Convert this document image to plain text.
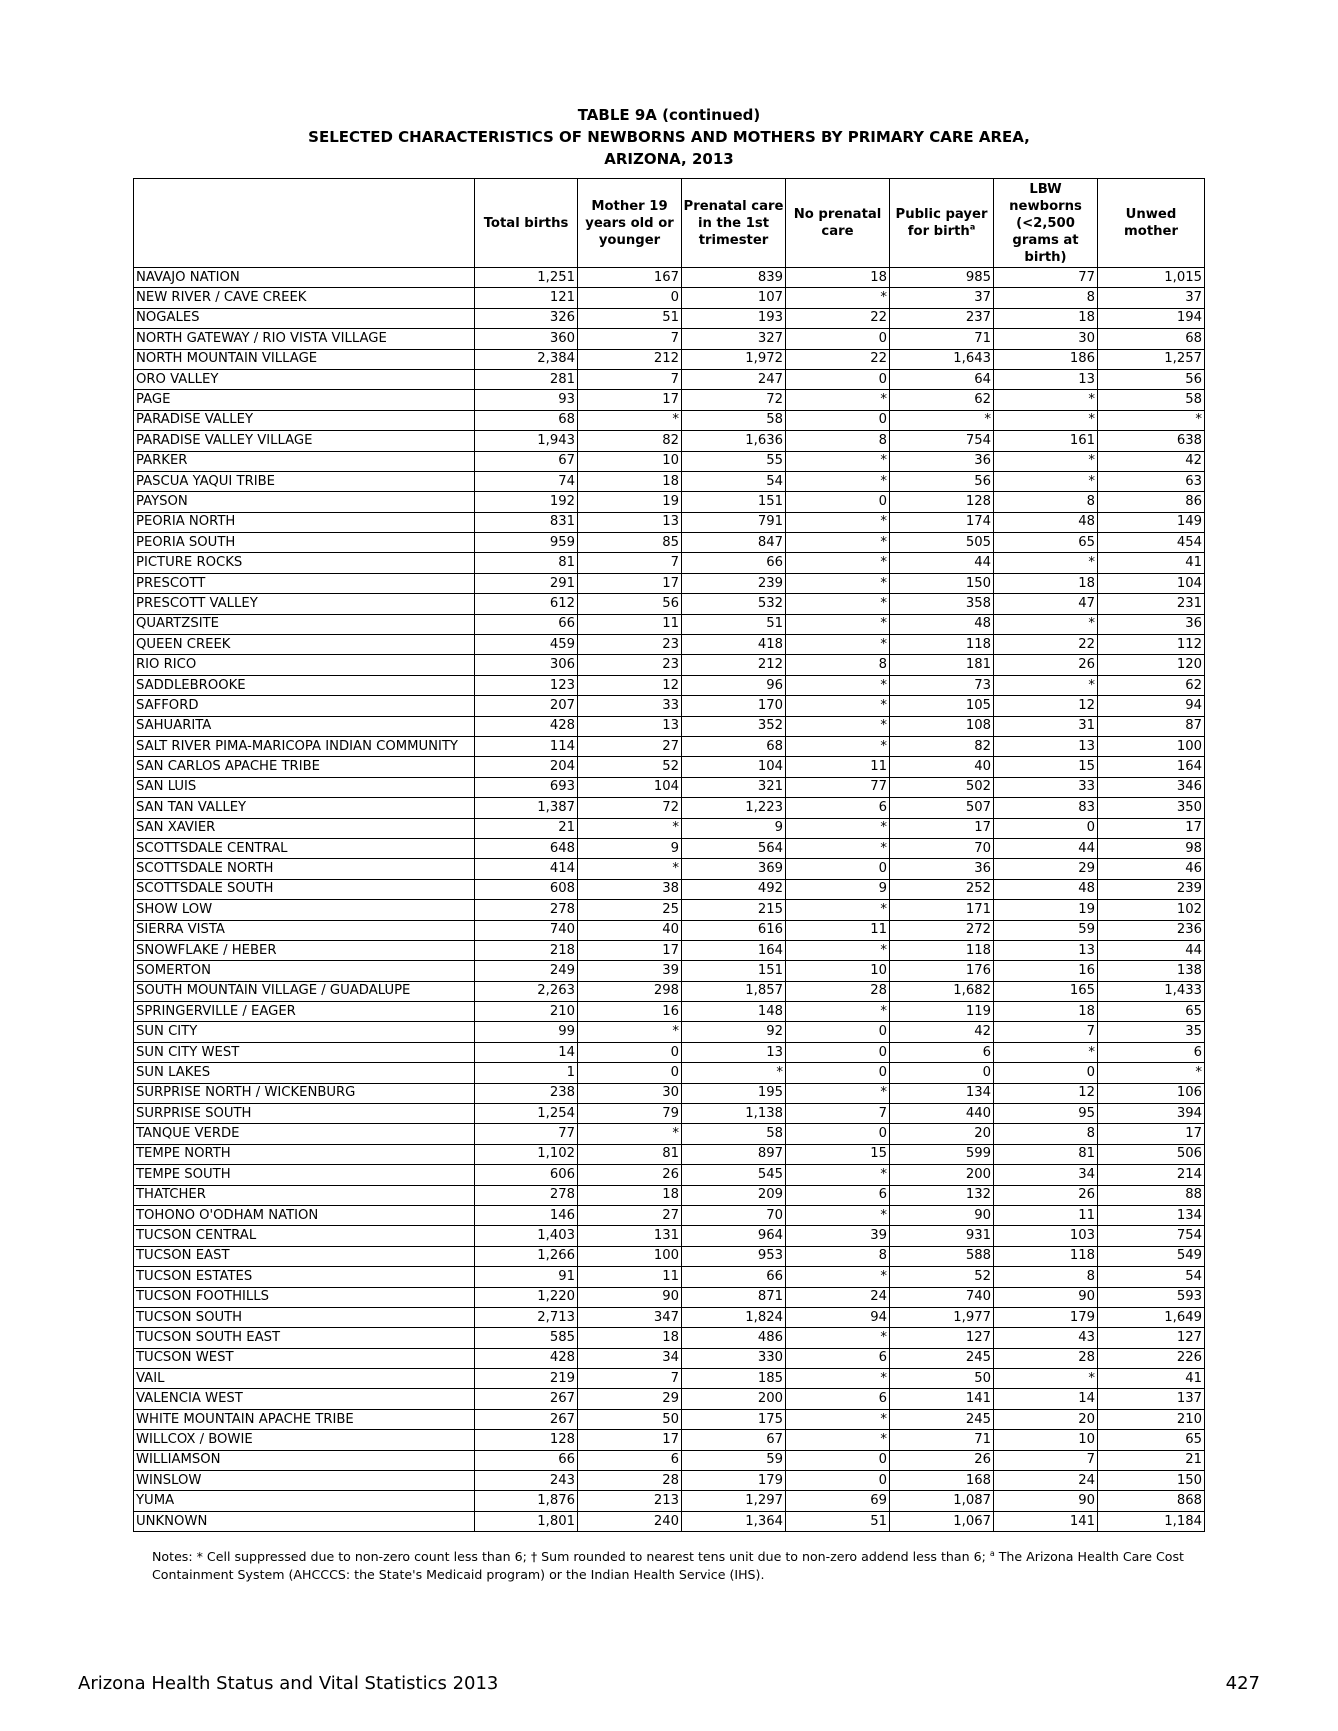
TABLE 9A (continued)
SELECTED CHARACTERISTICS OF NEWBORNS AND MOTHERS BY PRIMARY CARE AREA,
ARIZONA, 2013
	Total births	Mother 19 years old or younger	Prenatal care in the 1st trimester	No prenatal care	Public payer for birth$^a$	LBW newborns (<2,500 grams at birth)	Unwed mother
NAVAJO NATION	1,251	167	839	18	985	77	1,015
NEW RIVER / CAVE CREEK	121	0	107	*	37	8	37
NOGALES	326	51	193	22	237	18	194
NORTH GATEWAY / RIO VISTA VILLAGE	360	7	327	0	71	30	68
NORTH MOUNTAIN VILLAGE	2,384	212	1,972	22	1,643	186	1,257
ORO VALLEY	281	7	247	0	64	13	56
PAGE	93	17	72	*	62	*	58
PARADISE VALLEY	68	*	58	0	*	*	*
PARADISE VALLEY VILLAGE	1,943	82	1,636	8	754	161	638
PARKER	67	10	55	*	36	*	42
PASCUA YAQUI TRIBE	74	18	54	*	56	*	63
PAYSON	192	19	151	0	128	8	86
PEORIA NORTH	831	13	791	*	174	48	149
PEORIA SOUTH	959	85	847	*	505	65	454
PICTURE ROCKS	81	7	66	*	44	*	41
PRESCOTT	291	17	239	*	150	18	104
PRESCOTT VALLEY	612	56	532	*	358	47	231
QUARTZSITE	66	11	51	*	48	*	36
QUEEN CREEK	459	23	418	*	118	22	112
RIO RICO	306	23	212	8	181	26	120
SADDLEBROOKE	123	12	96	*	73	*	62
SAFFORD	207	33	170	*	105	12	94
SAHUARITA	428	13	352	*	108	31	87
SALT RIVER PIMA-MARICOPA INDIAN COMMUNITY	114	27	68	*	82	13	100
SAN CARLOS APACHE TRIBE	204	52	104	11	40	15	164
SAN LUIS	693	104	321	77	502	33	346
SAN TAN VALLEY	1,387	72	1,223	6	507	83	350
SAN XAVIER	21	*	9	*	17	0	17
SCOTTSDALE CENTRAL	648	9	564	*	70	44	98
SCOTTSDALE NORTH	414	*	369	0	36	29	46
SCOTTSDALE SOUTH	608	38	492	9	252	48	239
SHOW LOW	278	25	215	*	171	19	102
SIERRA VISTA	740	40	616	11	272	59	236
SNOWFLAKE / HEBER	218	17	164	*	118	13	44
SOMERTON	249	39	151	10	176	16	138
SOUTH MOUNTAIN VILLAGE / GUADALUPE	2,263	298	1,857	28	1,682	165	1,433
SPRINGERVILLE / EAGER	210	16	148	*	119	18	65
SUN CITY	99	*	92	0	42	7	35
SUN CITY WEST	14	0	13	0	6	*	6
SUN LAKES	1	0	*	0	0	0	*
SURPRISE NORTH / WICKENBURG	238	30	195	*	134	12	106
SURPRISE SOUTH	1,254	79	1,138	7	440	95	394
TANQUE VERDE	77	*	58	0	20	8	17
TEMPE NORTH	1,102	81	897	15	599	81	506
TEMPE SOUTH	606	26	545	*	200	34	214
THATCHER	278	18	209	6	132	26	88
TOHONO O'ODHAM NATION	146	27	70	*	90	11	134
TUCSON CENTRAL	1,403	131	964	39	931	103	754
TUCSON EAST	1,266	100	953	8	588	118	549
TUCSON ESTATES	91	11	66	*	52	8	54
TUCSON FOOTHILLS	1,220	90	871	24	740	90	593
TUCSON SOUTH	2,713	347	1,824	94	1,977	179	1,649
TUCSON SOUTH EAST	585	18	486	*	127	43	127
TUCSON WEST	428	34	330	6	245	28	226
VAIL	219	7	185	*	50	*	41
VALENCIA WEST	267	29	200	6	141	14	137
WHITE MOUNTAIN APACHE TRIBE	267	50	175	*	245	20	210
WILLCOX / BOWIE	128	17	67	*	71	10	65
WILLIAMSON	66	6	59	0	26	7	21
WINSLOW	243	28	179	0	168	24	150
YUMA	1,876	213	1,297	69	1,087	90	868
UNKNOWN	1,801	240	1,364	51	1,067	141	1,184
Notes: * Cell suppressed due to non-zero count less than 6; † Sum rounded to nearest tens unit due to non-zero addend less than 6; $^a$ The Arizona Health Care Cost Containment System (AHCCCS: the State's Medicaid program) or the Indian Health Service (IHS).
Arizona Health Status and Vital Statistics 2013	427
